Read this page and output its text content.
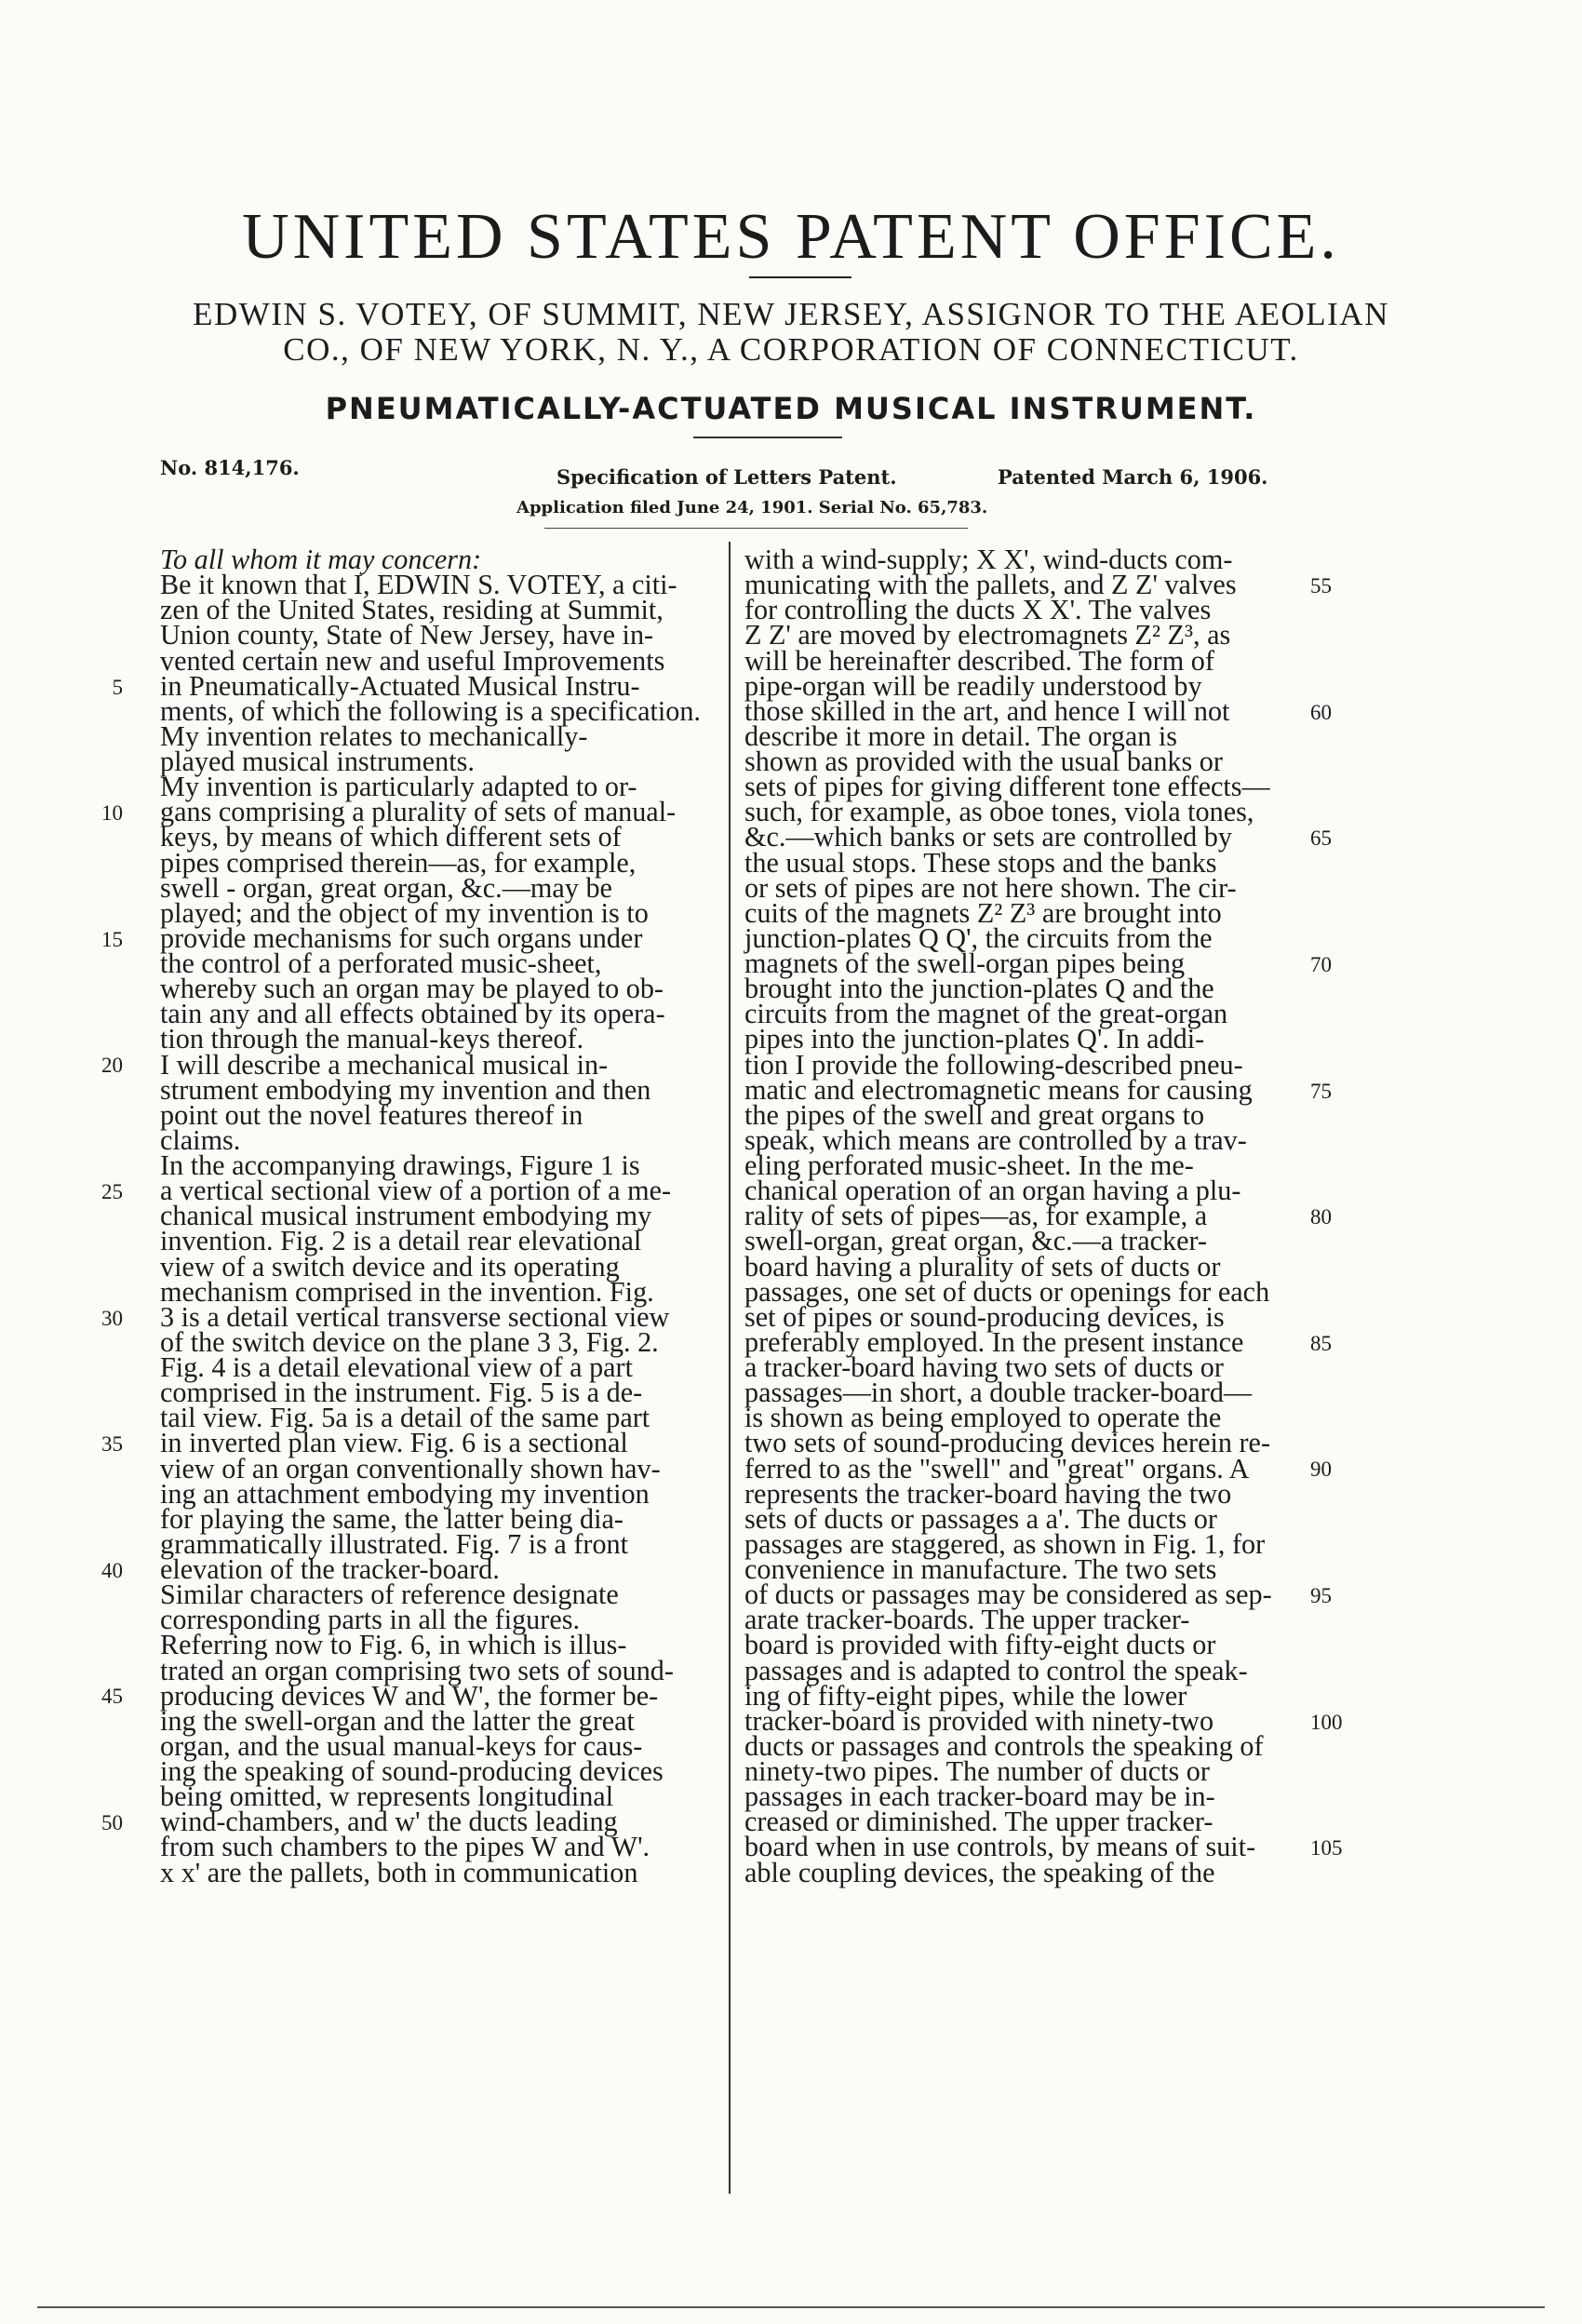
UNITED STATES PATENT OFFICE.
EDWIN S. VOTEY, OF SUMMIT, NEW JERSEY, ASSIGNOR TO THE AEOLIAN
CO., OF NEW YORK, N. Y., A CORPORATION OF CONNECTICUT.
PNEUMATICALLY-ACTUATED MUSICAL INSTRUMENT.
No. 814,176.	Specification of Letters Patent.	Patented March 6, 1906.
Application filed June 24, 1901. Serial No. 65,783.
To all whom it may concern:
Be it known that I, EDWIN S. VOTEY, a citi-
zen of the United States, residing at Summit,
Union county, State of New Jersey, have in-
vented certain new and useful Improvements
in Pneumatically-Actuated Musical Instru-
ments, of which the following is a specification.
My invention relates to mechanically-
played musical instruments.
My invention is particularly adapted to or-
gans comprising a plurality of sets of manual-
keys, by means of which different sets of
pipes comprised therein—as, for example,
swell - organ, great organ, &c.—may be
played; and the object of my invention is to
provide mechanisms for such organs under
the control of a perforated music-sheet,
whereby such an organ may be played to ob-
tain any and all effects obtained by its opera-
tion through the manual-keys thereof.
I will describe a mechanical musical in-
strument embodying my invention and then
point out the novel features thereof in
claims.
In the accompanying drawings, Figure 1 is
a vertical sectional view of a portion of a me-
chanical musical instrument embodying my
invention. Fig. 2 is a detail rear elevational
view of a switch device and its operating
mechanism comprised in the invention. Fig.
3 is a detail vertical transverse sectional view
of the switch device on the plane 3 3, Fig. 2.
Fig. 4 is a detail elevational view of a part
comprised in the instrument. Fig. 5 is a de-
tail view. Fig. 5a is a detail of the same part
in inverted plan view. Fig. 6 is a sectional
view of an organ conventionally shown hav-
ing an attachment embodying my invention
for playing the same, the latter being dia-
grammatically illustrated. Fig. 7 is a front
elevation of the tracker-board.
Similar characters of reference designate
corresponding parts in all the figures.
Referring now to Fig. 6, in which is illus-
trated an organ comprising two sets of sound-
producing devices W and W', the former be-
ing the swell-organ and the latter the great
organ, and the usual manual-keys for caus-
ing the speaking of sound-producing devices
being omitted, w represents longitudinal
wind-chambers, and w' the ducts leading
from such chambers to the pipes W and W'.
x x' are the pallets, both in communication
with a wind-supply; X X', wind-ducts com-
municating with the pallets, and Z Z' valves
for controlling the ducts X X'. The valves
Z Z' are moved by electromagnets Z² Z³, as
will be hereinafter described. The form of
pipe-organ will be readily understood by
those skilled in the art, and hence I will not
describe it more in detail. The organ is
shown as provided with the usual banks or
sets of pipes for giving different tone effects—
such, for example, as oboe tones, viola tones,
&c.—which banks or sets are controlled by
the usual stops. These stops and the banks
or sets of pipes are not here shown. The cir-
cuits of the magnets Z² Z³ are brought into
junction-plates Q Q', the circuits from the
magnets of the swell-organ pipes being
brought into the junction-plates Q and the
circuits from the magnet of the great-organ
pipes into the junction-plates Q'. In addi-
tion I provide the following-described pneu-
matic and electromagnetic means for causing
the pipes of the swell and great organs to
speak, which means are controlled by a trav-
eling perforated music-sheet. In the me-
chanical operation of an organ having a plu-
rality of sets of pipes—as, for example, a
swell-organ, great organ, &c.—a tracker-
board having a plurality of sets of ducts or
passages, one set of ducts or openings for each
set of pipes or sound-producing devices, is
preferably employed. In the present instance
a tracker-board having two sets of ducts or
passages—in short, a double tracker-board—
is shown as being employed to operate the
two sets of sound-producing devices herein re-
ferred to as the "swell" and "great" organs. A
represents the tracker-board having the two
sets of ducts or passages a a'. The ducts or
passages are staggered, as shown in Fig. 1, for
convenience in manufacture. The two sets
of ducts or passages may be considered as sep-
arate tracker-boards. The upper tracker-
board is provided with fifty-eight ducts or
passages and is adapted to control the speak-
ing of fifty-eight pipes, while the lower
tracker-board is provided with ninety-two
ducts or passages and controls the speaking of
ninety-two pipes. The number of ducts or
passages in each tracker-board may be in-
creased or diminished. The upper tracker-
board when in use controls, by means of suit-
able coupling devices, the speaking of the
5
10
15
20
25
30
35
40
45
50
55
60
65
70
75
80
85
90
95
100
105
